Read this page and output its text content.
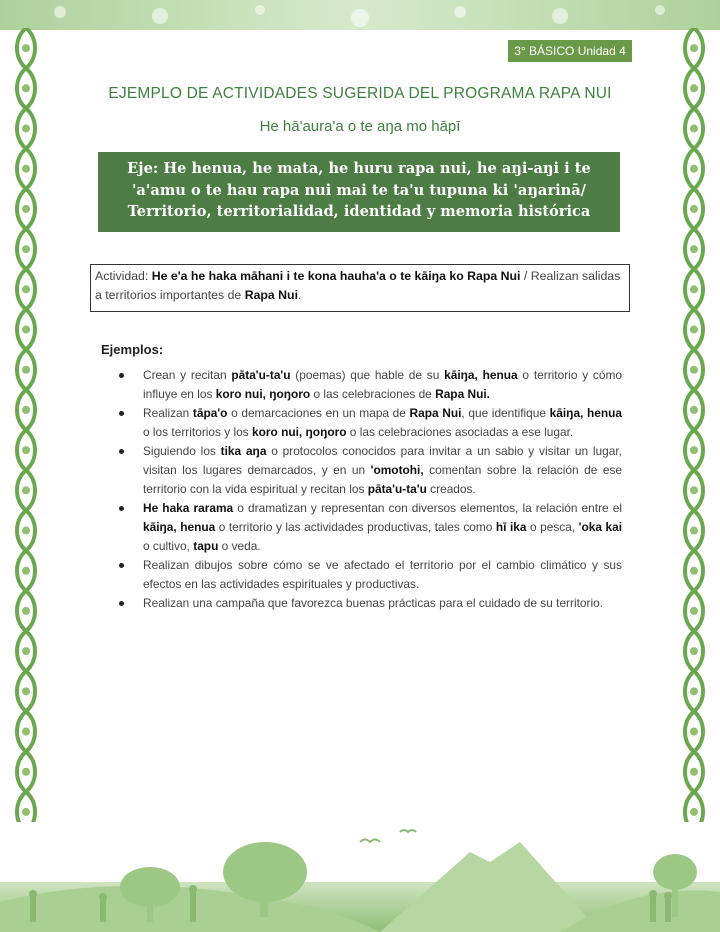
3° BÁSICO Unidad 4
EJEMPLO DE ACTIVIDADES SUGERIDA DEL PROGRAMA RAPA NUI
He hā'aura'a o te aŋa mo hāpī
Eje: He henua, he mata, he huru rapa nui, he aŋi-aŋi i te 'a'amu o te hau rapa nui mai te ta'u tupuna ki 'aŋarinā/ Territorio, territorialidad, identidad y memoria histórica
Actividad: He e'a he haka māhani i te kona hauha'a o te kāiŋa ko Rapa Nui / Realizan salidas a territorios importantes de Rapa Nui.
Ejemplos:
Crean y recitan pāta'u-ta'u (poemas) que hable de su kāiŋa, henua o territorio y cómo influye en los koro nui, ŋoŋoro o las celebraciones de Rapa Nui.
Realizan tāpa'o o demarcaciones en un mapa de Rapa Nui, que identifique kāiŋa, henua o los territorios y los koro nui, ŋoŋoro o las celebraciones asociadas a ese lugar.
Siguiendo los tika aŋa o protocolos conocidos para invitar a un sabio y visitar un lugar, visitan los lugares demarcados, y en un 'omotohi, comentan sobre la relación de ese territorio con la vida espiritual y recitan los pāta'u-ta'u creados.
He haka rarama o dramatizan y representan con diversos elementos, la relación entre el kāiŋa, henua o territorio y las actividades productivas, tales como hī ika o pesca, 'oka kai o cultivo, tapu o veda.
Realizan dibujos sobre cómo se ve afectado el territorio por el cambio climático y sus efectos en las actividades espirituales y productivas.
Realizan una campaña que favorezca buenas prácticas para el cuidado de su territorio.
